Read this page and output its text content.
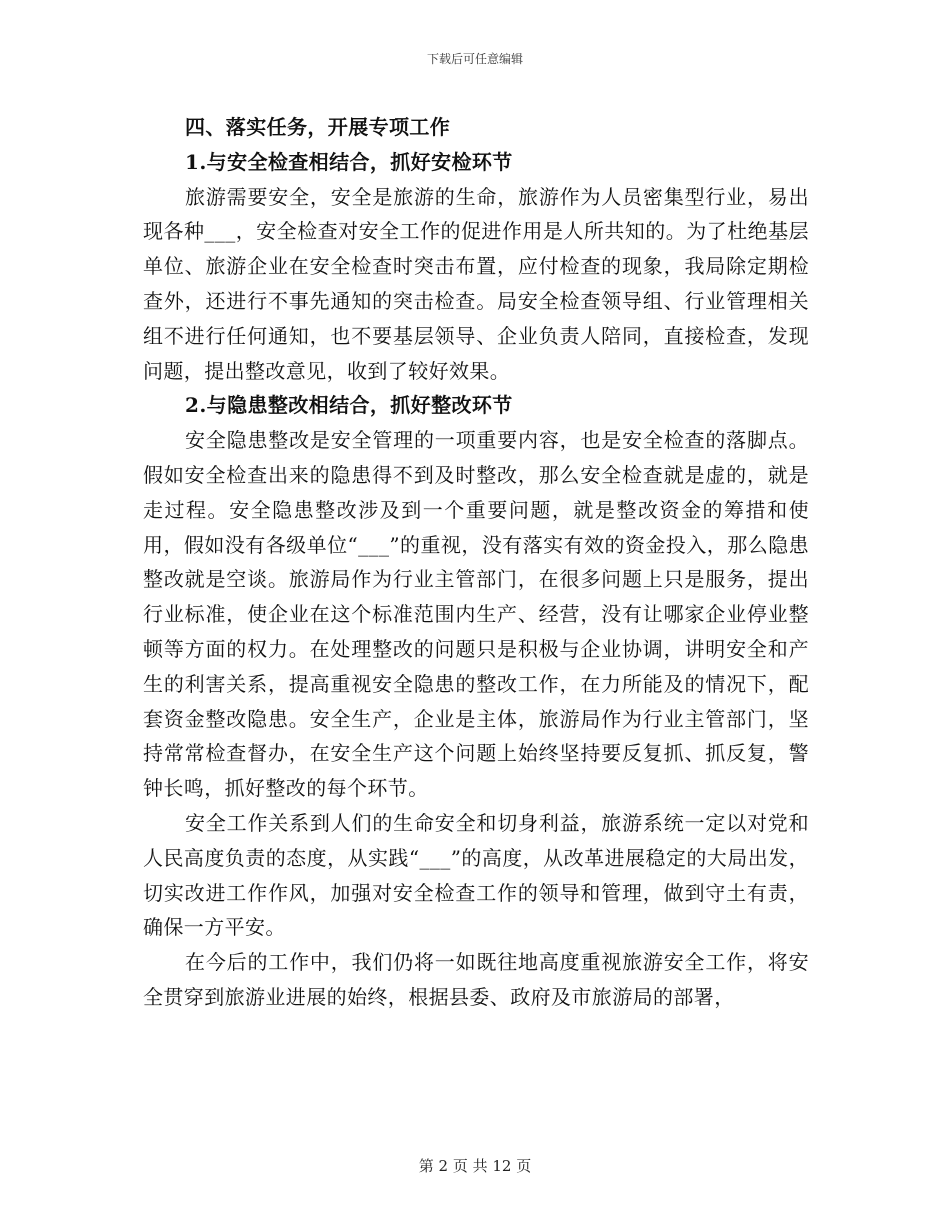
下载后可任意编辑

四、落实任务，开展专项工作

1.与安全检查相结合，抓好安检环节

旅游需要安全，安全是旅游的生命，旅游作为人员密集型行业，易出现各种___，安全检查对安全工作的促进作用是人所共知的。为了杜绝基层单位、旅游企业在安全检查时突击布置，应付检查的现象，我局除定期检查外，还进行不事先通知的突击检查。局安全检查领导组、行业管理相关组不进行任何通知，也不要基层领导、企业负责人陪同，直接检查，发现问题，提出整改意见，收到了较好效果。

2.与隐患整改相结合，抓好整改环节

安全隐患整改是安全管理的一项重要内容，也是安全检查的落脚点。假如安全检查出来的隐患得不到及时整改，那么安全检查就是虚的，就是走过程。安全隐患整改涉及到一个重要问题，就是整改资金的筹措和使用，假如没有各级单位“___”的重视，没有落实有效的资金投入，那么隐患整改就是空谈。旅游局作为行业主管部门，在很多问题上只是服务，提出行业标准，使企业在这个标准范围内生产、经营，没有让哪家企业停业整顿等方面的权力。在处理整改的问题只是积极与企业协调，讲明安全和产生的利害关系，提高重视安全隐患的整改工作，在力所能及的情况下，配套资金整改隐患。安全生产，企业是主体，旅游局作为行业主管部门，坚持常常检查督办，在安全生产这个问题上始终坚持要反复抓、抓反复，警钟长鸣，抓好整改的每个环节。

安全工作关系到人们的生命安全和切身利益，旅游系统一定以对党和人民高度负责的态度，从实践“___”的高度，从改革进展稳定的大局出发，切实改进工作作风，加强对安全检查工作的领导和管理，做到守土有责，确保一方平安。

在今后的工作中，我们仍将一如既往地高度重视旅游安全工作，将安全贯穿到旅游业进展的始终，根据县委、政府及市旅游局的部署，

第 2 页 共 12 页
